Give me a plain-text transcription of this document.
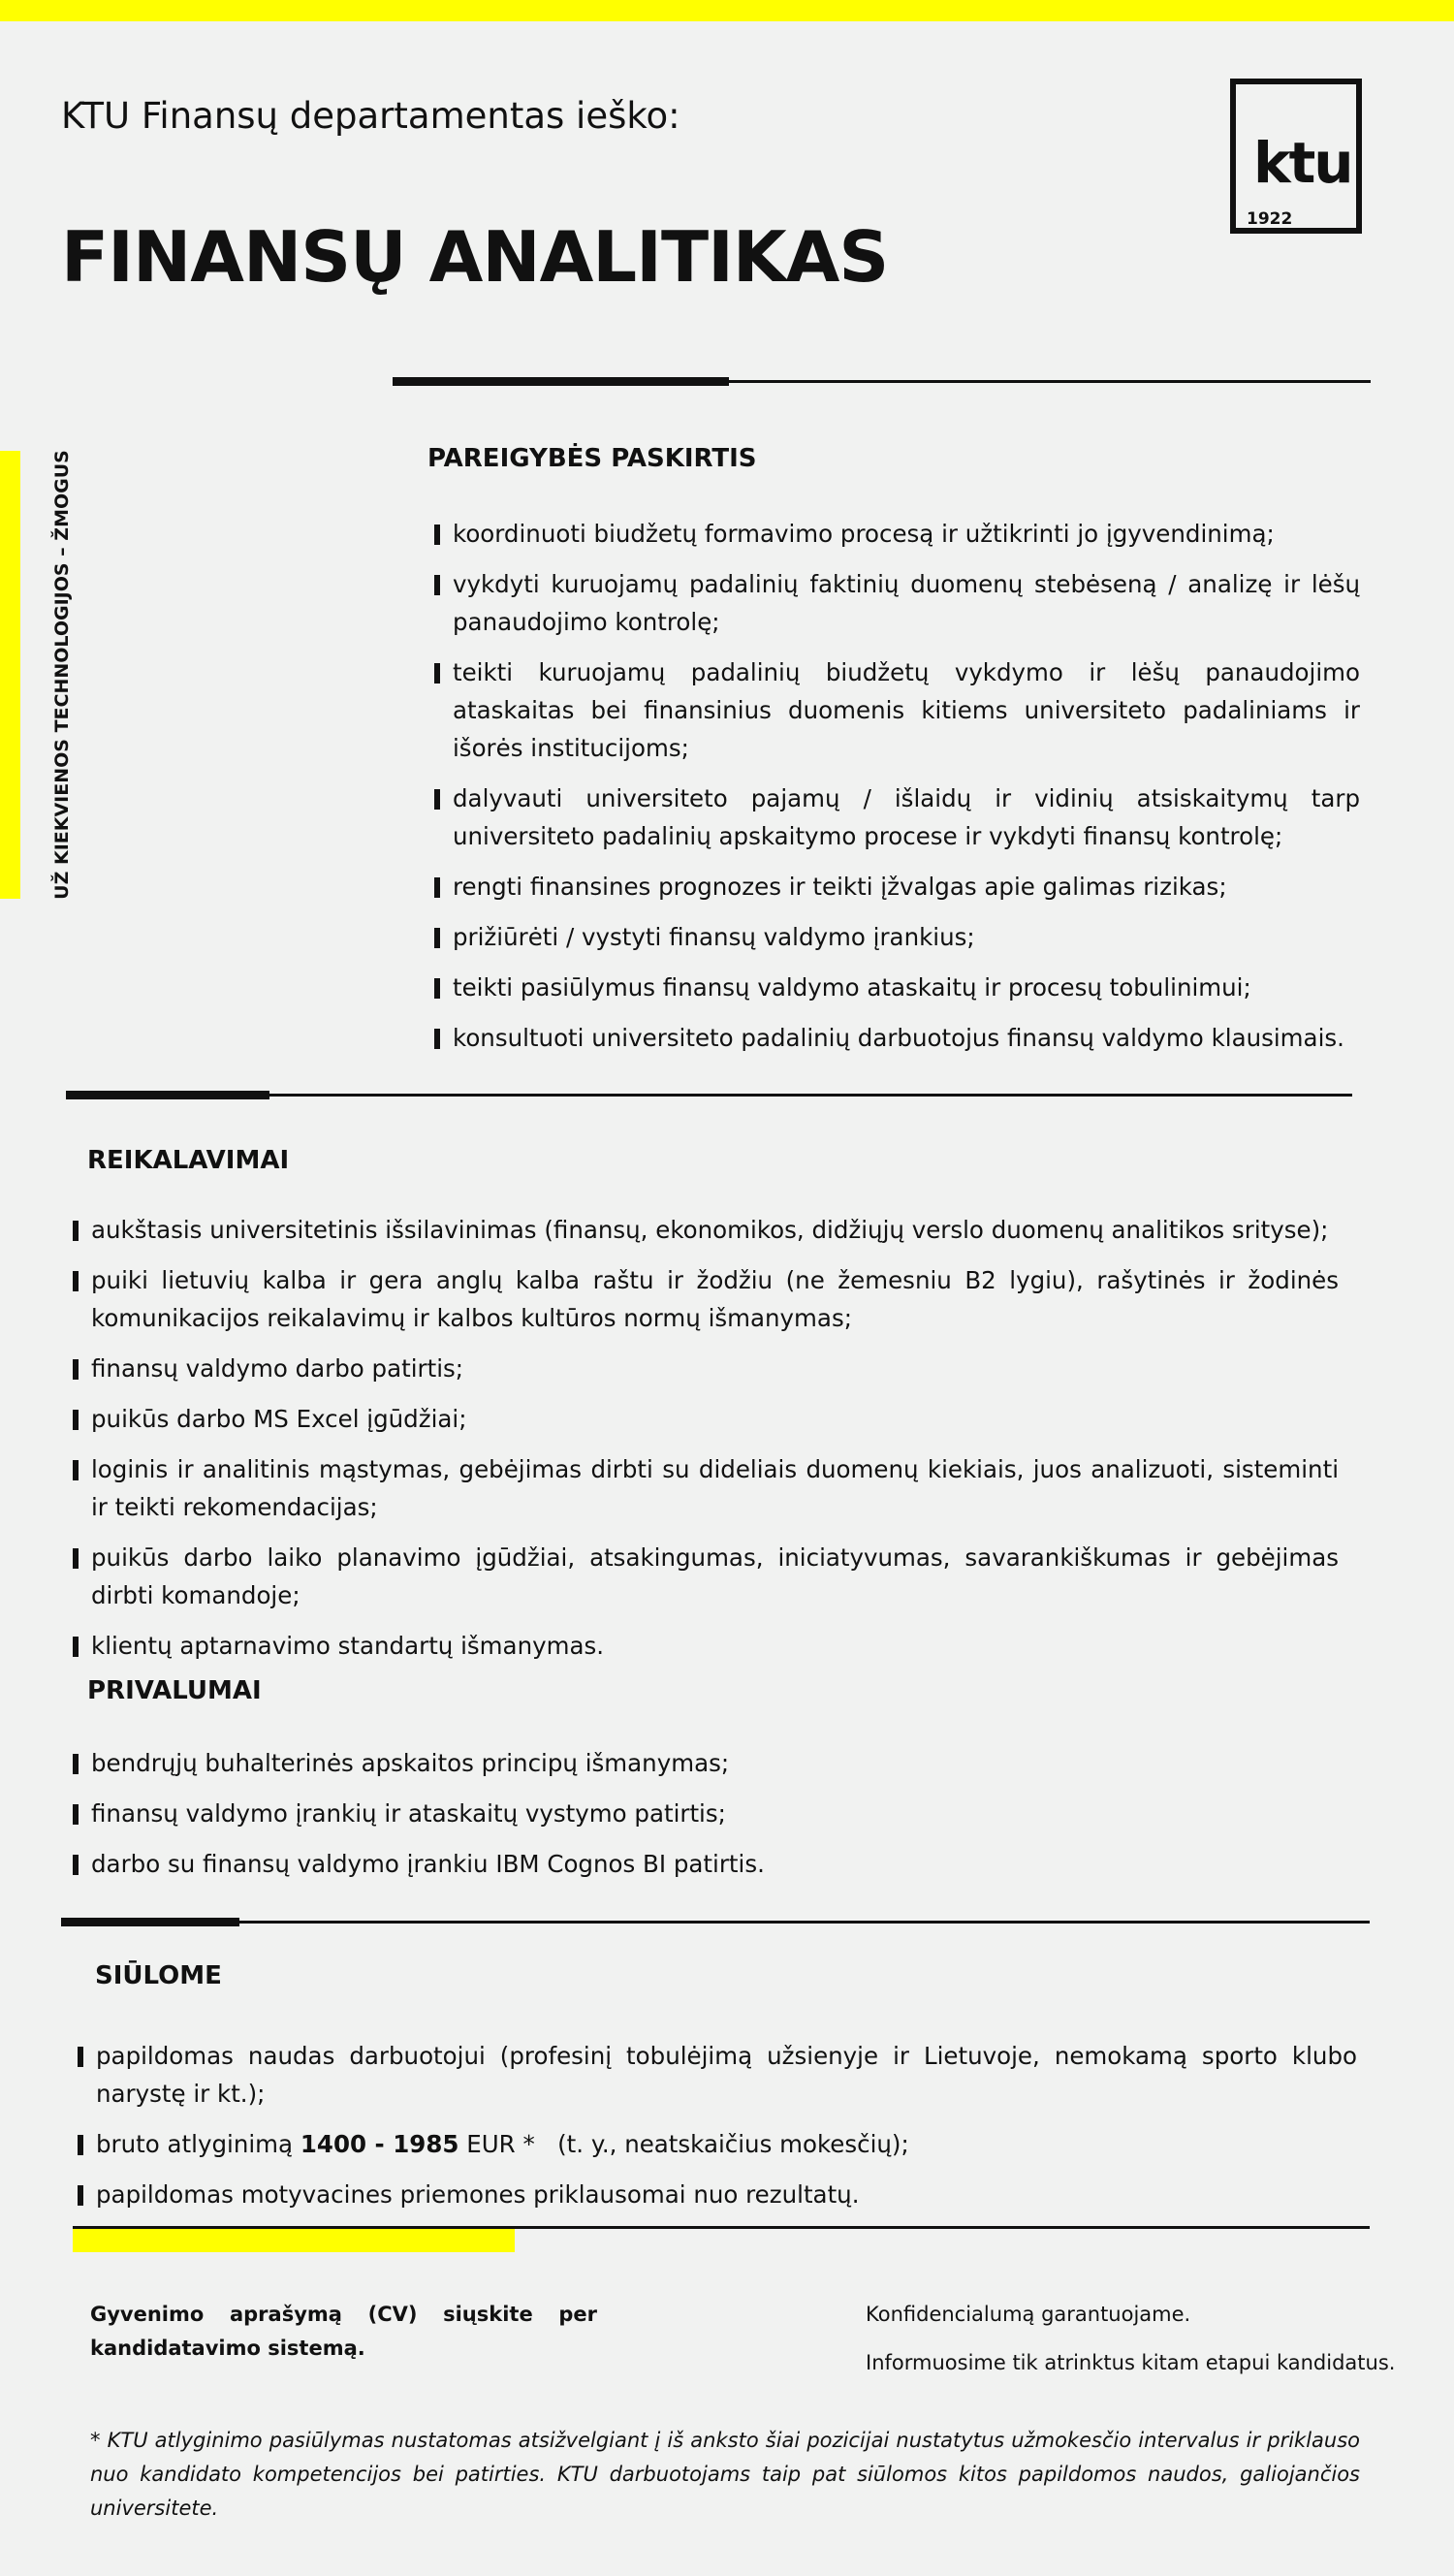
UŽ KIEKVIENOS TECHNOLOGIJOS – ŽMOGUS
KTU Finansų departamentas ieško:
FINANSŲ ANALITIKAS
ktu
1922
PAREIGYBĖS PASKIRTIS
koordinuoti biudžetų formavimo procesą ir užtikrinti jo įgyvendinimą;
vykdyti kuruojamų padalinių faktinių duomenų stebėseną / analizę ir lėšų panaudojimo kontrolę;
teikti kuruojamų padalinių biudžetų vykdymo ir lėšų panaudojimo ataskaitas bei finansinius duomenis kitiems universiteto padaliniams ir išorės institucijoms;
dalyvauti universiteto pajamų / išlaidų ir vidinių atsiskaitymų tarp universiteto padalinių apskaitymo procese ir vykdyti finansų kontrolę;
rengti finansines prognozes ir teikti įžvalgas apie galimas rizikas;
prižiūrėti / vystyti finansų valdymo įrankius;
teikti pasiūlymus finansų valdymo ataskaitų ir procesų tobulinimui;
konsultuoti universiteto padalinių darbuotojus finansų valdymo klausimais.
REIKALAVIMAI
aukštasis universitetinis išsilavinimas (finansų, ekonomikos, didžiųjų verslo duomenų analitikos srityse);
puiki lietuvių kalba ir gera anglų kalba raštu ir žodžiu (ne žemesniu B2 lygiu), rašytinės ir žodinės komunikacijos reikalavimų ir kalbos kultūros normų išmanymas;
finansų valdymo darbo patirtis;
puikūs darbo MS Excel įgūdžiai;
loginis ir analitinis mąstymas, gebėjimas dirbti su dideliais duomenų kiekiais, juos analizuoti, sisteminti ir teikti rekomendacijas;
puikūs darbo laiko planavimo įgūdžiai, atsakingumas, iniciatyvumas, savarankiškumas ir gebėjimas dirbti komandoje;
klientų aptarnavimo standartų išmanymas.
PRIVALUMAI
bendrųjų buhalterinės apskaitos principų išmanymas;
finansų valdymo įrankių ir ataskaitų vystymo patirtis;
darbo su finansų valdymo įrankiu IBM Cognos BI patirtis.
SIŪLOME
papildomas naudas darbuotojui (profesinį tobulėjimą užsienyje ir Lietuvoje, nemokamą sporto klubo narystę ir kt.);
bruto atlyginimą 1400 - 1985 EUR *   (t. y., neatskaičius mokesčių);
papildomas motyvacines priemones priklausomai nuo rezultatų.
Gyvenimo aprašymą (CV) siųskite per kandidatavimo sistemą.
Konfidencialumą garantuojame.
Informuosime tik atrinktus kitam etapui kandidatus.
* KTU atlyginimo pasiūlymas nustatomas atsižvelgiant į iš anksto šiai pozicijai nustatytus užmokesčio intervalus ir priklauso nuo kandidato kompetencijos bei patirties. KTU darbuotojams taip pat siūlomos kitos papildomos naudos, galiojančios universitete.
